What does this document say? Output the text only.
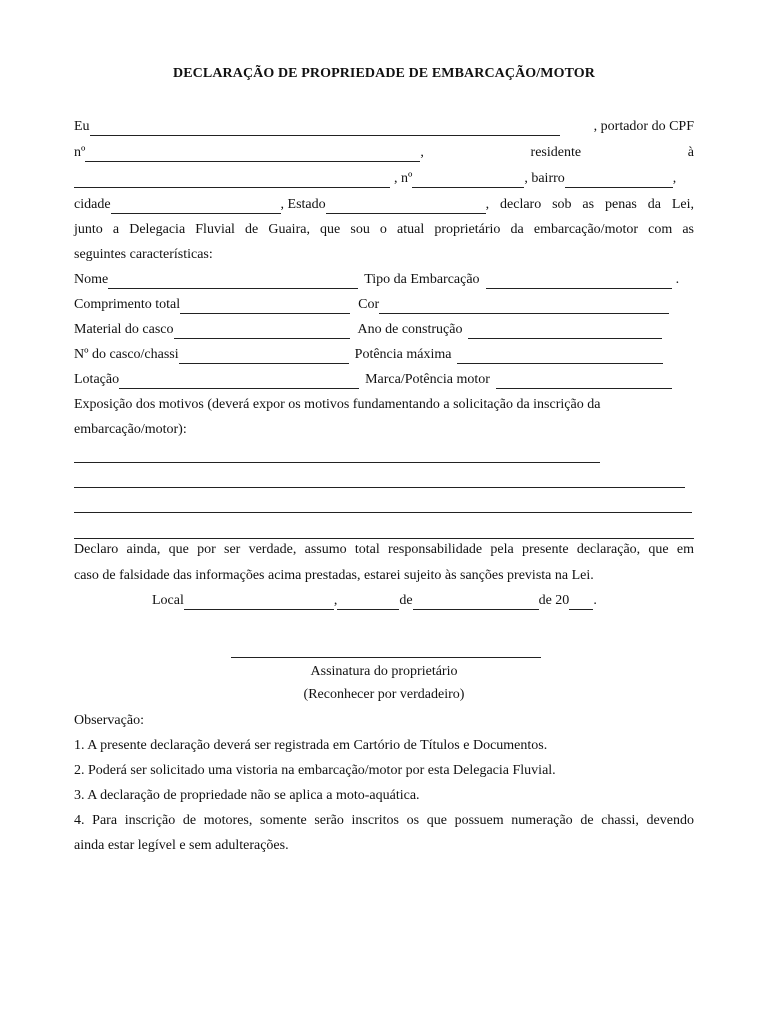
DECLARAÇÃO DE PROPRIEDADE DE EMBARCAÇÃO/MOTOR
Eu	, portador do CPF
nº	, residente à
, nº	, bairro	,
cidade	, Estado	, declaro sob as penas da Lei,
junto a Delegacia Fluvial de Guaira, que sou o atual proprietário da embarcação/motor com as
seguintes características:
Nome	Tipo da Embarcação	.
Comprimento total	Cor
Material do casco	Ano de construção
Nº do casco/chassi	Potência máxima
Lotação	Marca/Potência motor
Exposição dos motivos (deverá expor os motivos fundamentando a solicitação da inscrição da
embarcação/motor):
Declaro ainda, que por ser verdade, assumo total responsabilidade pela presente declaração, que em
caso de falsidade das informações acima prestadas, estarei sujeito às sanções prevista na Lei.
Local	,	de	de 20 .
Assinatura do proprietário
(Reconhecer por verdadeiro)
Observação:
1. A presente declaração deverá ser registrada em Cartório de Títulos e Documentos.
2. Poderá ser solicitado uma vistoria na embarcação/motor por esta Delegacia Fluvial.
3. A declaração de propriedade não se aplica a moto-aquática.
4. Para inscrição de motores, somente serão inscritos os que possuem numeração de chassi, devendo
ainda estar legível e sem adulterações.
